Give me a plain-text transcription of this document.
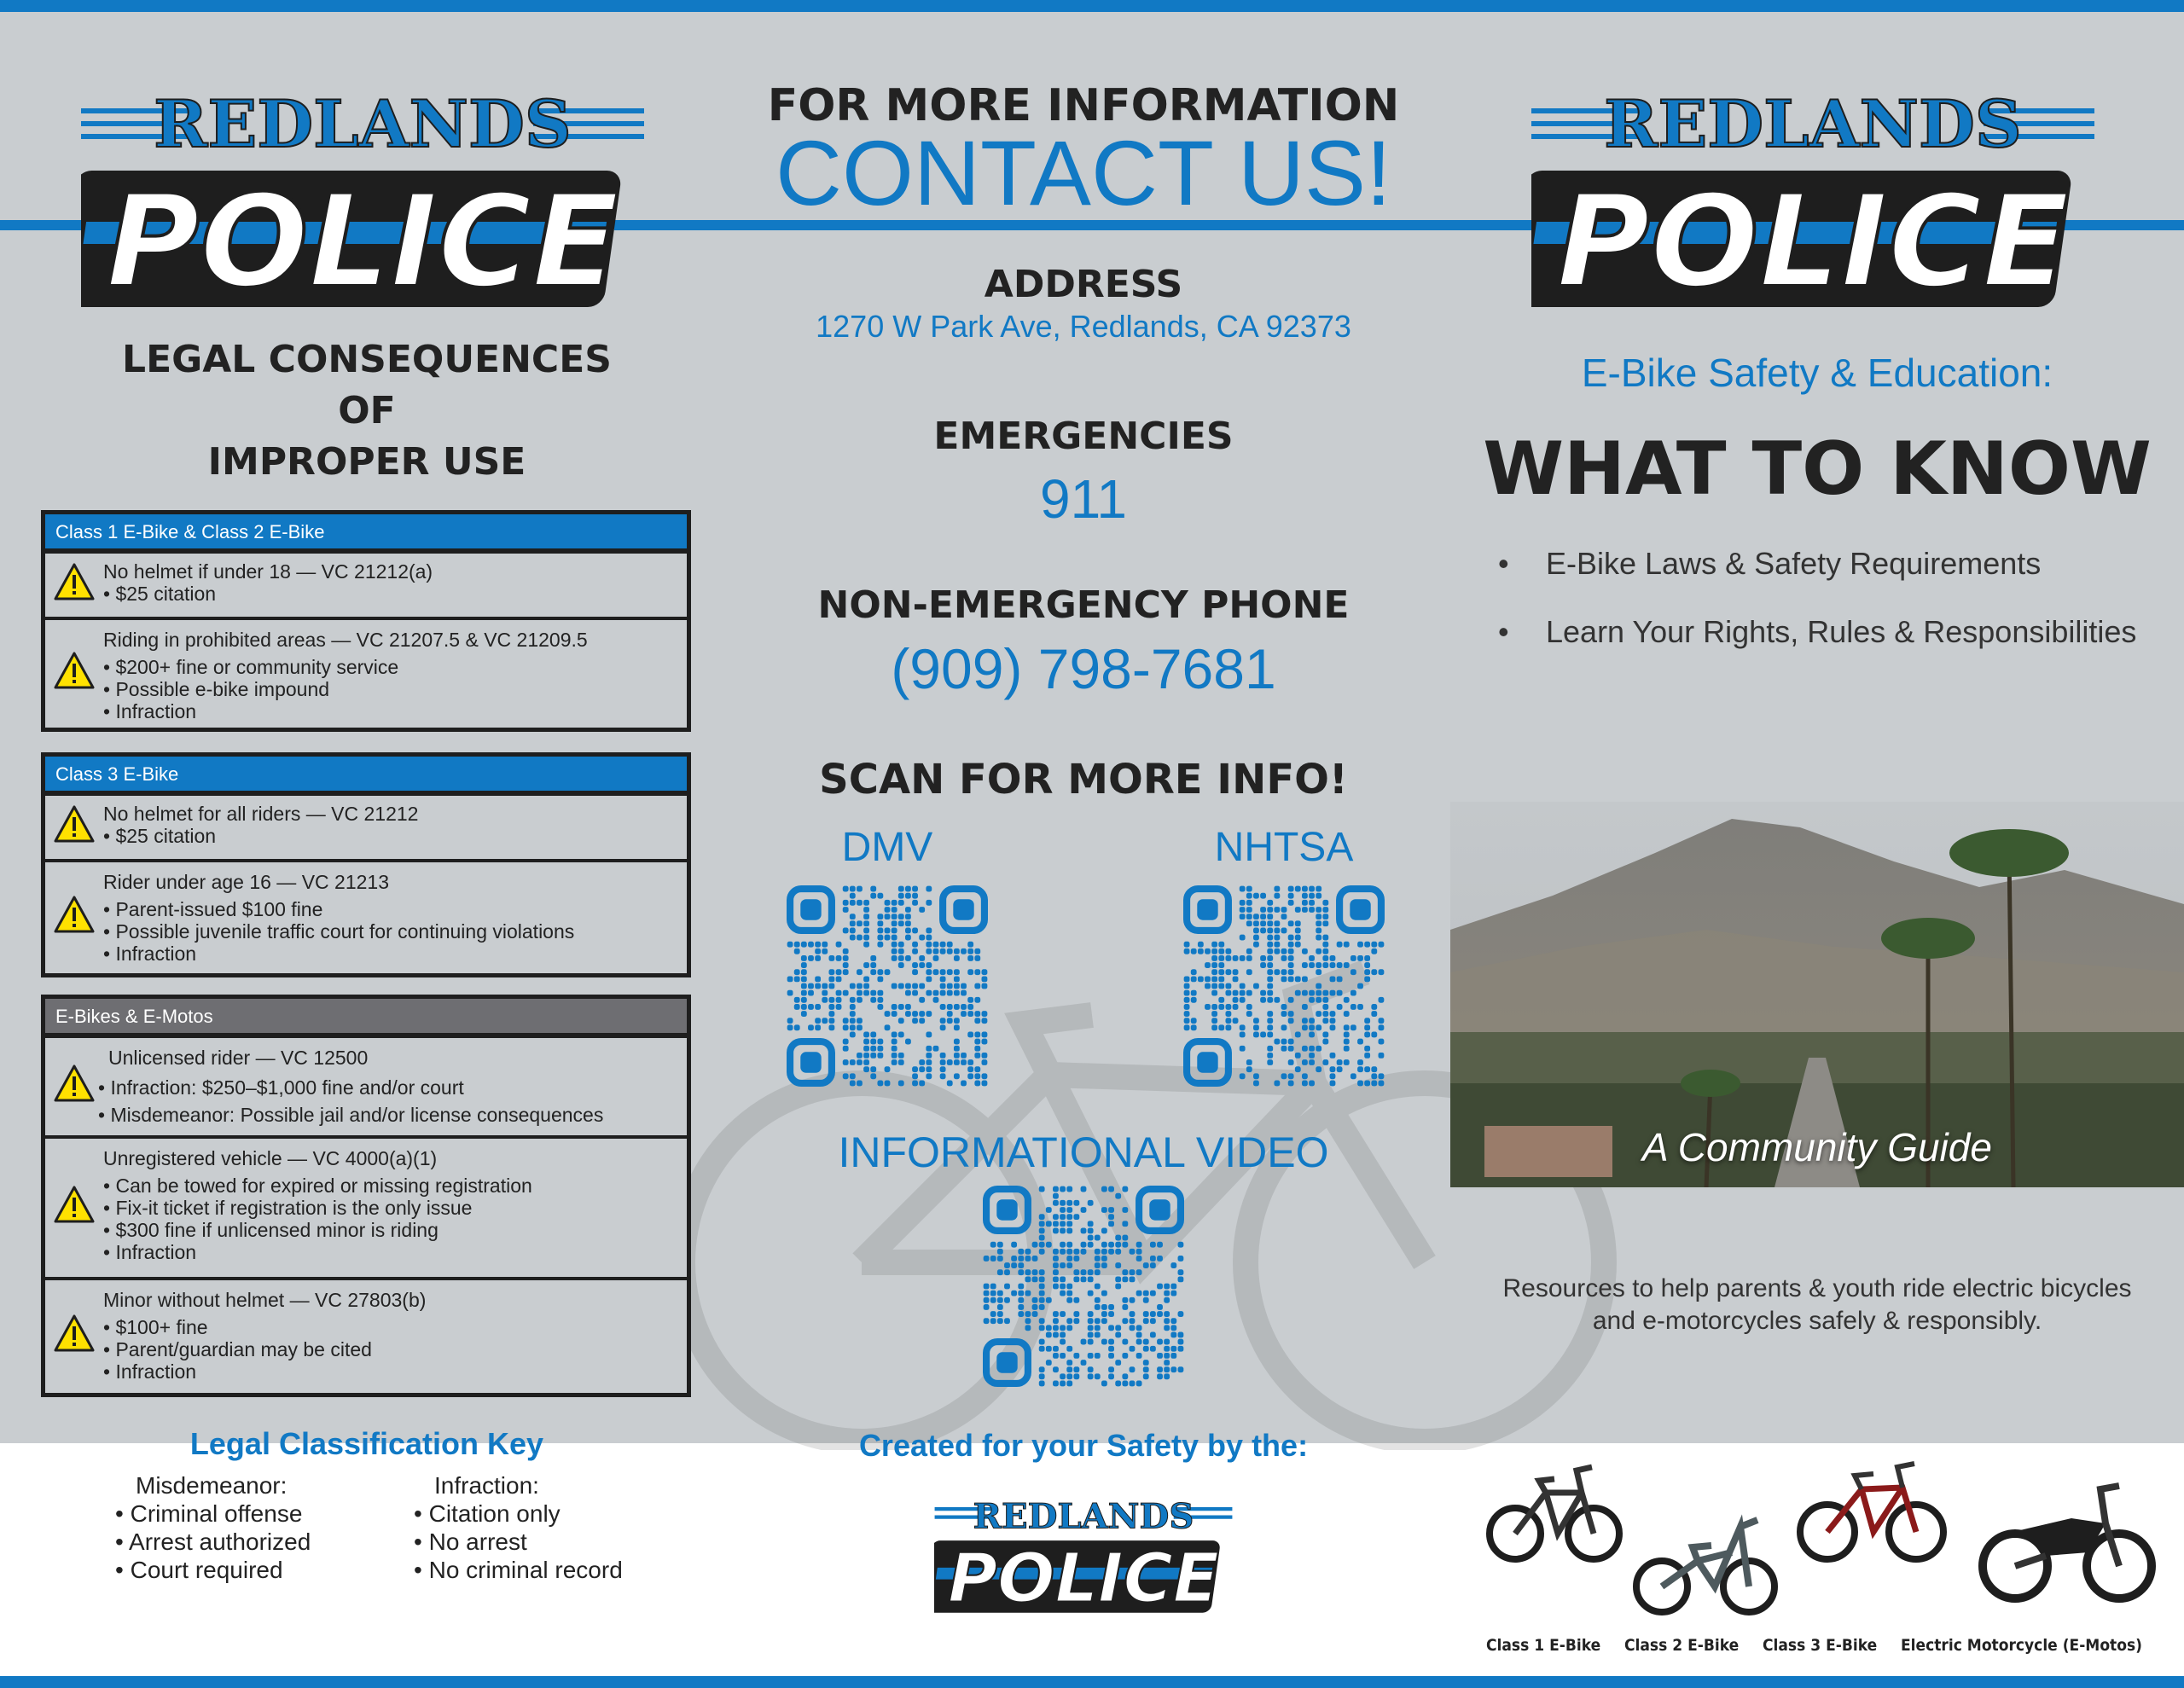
REDLANDS
POLICE
REDLANDS
POLICE
LEGAL CONSEQUENCES
OF
IMPROPER USE
Class 1 E-Bike & Class 2 E-Bike
No helmet if under 18 — VC 21212(a)
• $25 citation
Riding in prohibited areas — VC 21207.5 & VC 21209.5
• $200+ fine or community service
• Possible e-bike impound
• Infraction
Class 3 E-Bike
No helmet for all riders — VC 21212
• $25 citation
Rider under age 16 — VC 21213
• Parent-issued $100 fine
• Possible juvenile traffic court for continuing violations
• Infraction
E-Bikes & E-Motos
Unlicensed rider — VC 12500
• Infraction: $250–$1,000 fine and/or court
• Misdemeanor: Possible jail and/or license consequences
Unregistered vehicle — VC 4000(a)(1)
• Can be towed for expired or missing registration
• Fix-it ticket if registration is the only issue
• $300 fine if unlicensed minor is riding
• Infraction
Minor without helmet — VC 27803(b)
• $100+ fine
• Parent/guardian may be cited
• Infraction
Legal Classification Key
Misdemeanor:
• Criminal offense
• Arrest authorized
• Court required
Infraction:
• Citation only
• No arrest
• No criminal record
FOR MORE INFORMATION
CONTACT US!
ADDRESS
1270 W Park Ave, Redlands, CA 92373
EMERGENCIES
911
NON-EMERGENCY PHONE
(909) 798-7681
SCAN FOR MORE INFO!
DMV	NHTSA
INFORMATIONAL VIDEO
Created for your Safety by the:
REDLANDS
POLICE
E-Bike Safety & Education:
WHAT TO KNOW
• E-Bike Laws & Safety Requirements
• Learn Your Rights, Rules & Responsibilities
A Community Guide
Resources to help parents & youth ride electric bicycles
and e-motorcycles safely & responsibly.
Class 1 E-Bike Class 2 E-Bike Class 3 E-Bike Electric Motorcycle (E-Motos)
